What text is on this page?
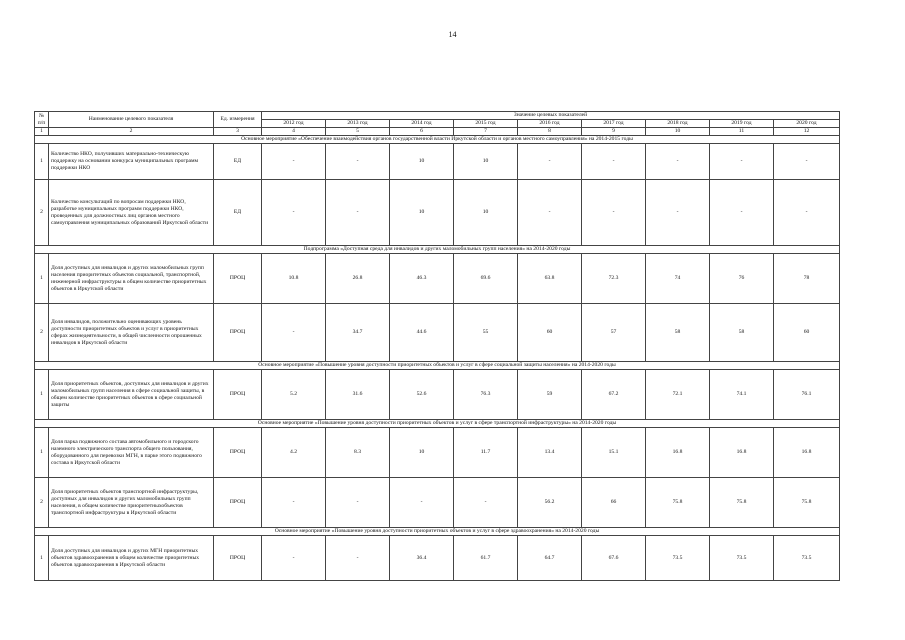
14
№ п/п	Наименование целевого показателя	Ед. измерения	Значение целевых показателей								
			2012 год	2013 год	2014 год	2015 год	2016 год	2017 год	2018 год	2019 год	2020 год
1	2	3	4	5	6	7	8	9	10	11	12
Основное мероприятие «Обеспечение взаимодействия органов государственной власти Иркутской области и органов местного самоуправления» на 2014-2015 годы											
1	Количество НКО, получивших материально-техническую поддержку на основании конкурса муниципальных программ поддержки НКО	ЕД	-	-	10	10	-	-	-	-	-
2	Количество консультаций по вопросам поддержки НКО, разработке муниципальных программ поддержки НКО, проведенных для должностных лиц органов местного самоуправления муниципальных образований Иркутской области	ЕД	-	-	10	10	-	-	-	-	-
Подпрограмма «Доступная среда для инвалидов и других маломобильных групп населения» на 2014-2020 годы											
1	Доля доступных для инвалидов и других маломобильных групп населения приоритетных объектов социальной, транспортной, инженерной инфраструктуры в общем количестве приоритетных объектов в Иркутской области	ПРОЦ	10.8	26.8	46.3	69.6	63.8	72.3	74	76	78
2	Доля инвалидов, положительно оценивающих уровень доступности приоритетных объектов и услуг в приоритетных сферах жизнедеятельности, в общей численности опрошенных инвалидов в Иркутской области	ПРОЦ	-	34.7	44.6	55	60	57	58	58	60
Основное мероприятие «Повышение уровня доступности приоритетных объектов и услуг в сфере социальной защиты населения» на 2014-2020 годы											
1	Доля приоритетных объектов, доступных для инвалидов и других маломобильных групп населения в сфере социальной защиты, в общем количестве приоритетных объектов в сфере социальной защиты	ПРОЦ	5.2	31.6	52.6	76.3	59	67.2	72.1	74.1	76.1
Основное мероприятие «Повышение уровня доступности приоритетных объектов и услуг в сфере транспортной инфраструктуры» на 2014-2020 годы											
1	Доля парка подвижного состава автомобильного и городского наземного электрического транспорта общего пользования, оборудованного для перевозки МГН, в парке этого подвижного состава в Иркутской области	ПРОЦ	4.2	8.3	10	11.7	13.4	15.1	16.8	16.8	16.8
2	Доля приоритетных объектов транспортной инфраструктуры, доступных для инвалидов и других маломобильных групп населения, в общем количестве приоритетныхобъектов транспортной инфраструктуры в Иркутской области	ПРОЦ	-	-	-	-	56.2	66	75.8	75.8	75.8
Основное мероприятие «Повышение уровня доступности приоритетных объектов и услуг в сфере здравоохранения» на 2014-2020 годы											
1	Доля доступных для инвалидов и других МГН приоритетных объектов здравоохранения в общем количестве приоритетных объектов здравоохранения в Иркутской области	ПРОЦ	-	-	36.4	61.7	64.7	67.6	73.5	73.5	73.5
